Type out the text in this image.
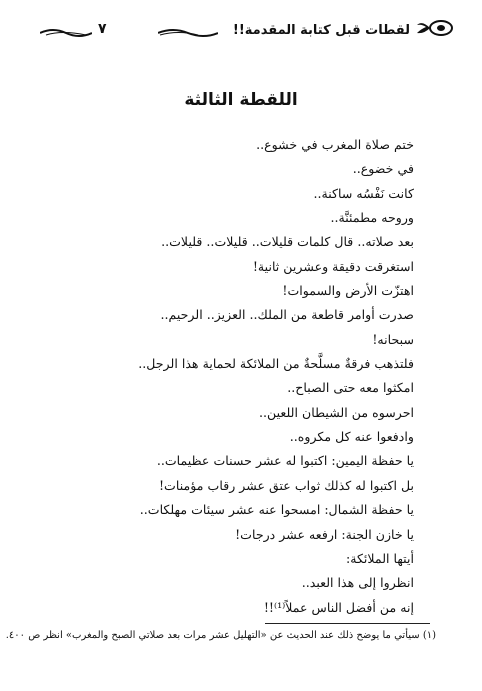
لقطات قبل كتابة المقدمة!!
٧
اللقطة الثالثة
ختم صلاة المغرب في خشوع..
في خضوع..
كانت نَفْسُه ساكنة..
وروحه مطمئنَّة..
بعد صلاته.. قال كلمات قليلات.. قليلات.. قليلات..
استغرقت دقيقة وعشرين ثانية!
اهتزّت الأرض والسموات!
صدرت أوامر قاطعة من الملك.. العزيز.. الرحيم..
سبحانه!
فلتذهب فرقةٌ مسلَّحةٌ من الملائكة لحماية هذا الرجل..
امكثوا معه حتى الصباح..
احرسوه من الشيطان اللعين..
وادفعوا عنه كل مكروه..
يا حفظة اليمين: اكتبوا له عشر حسنات عظيمات..
بل اكتبوا له كذلك ثواب عتق عشر رقاب مؤمنات!
يا حفظة الشمال: امسحوا عنه عشر سيئات مهلكات..
يا خازن الجنة: ارفعه عشر درجات!
أيتها الملائكة:
انظروا إلى هذا العبد..
إنه من أفضل الناس عملاً⁽¹⁾!!
(١) سيأتي ما يوضح ذلك عند الحديث عن «التهليل عشر مرات بعد صلاتي الصبح والمغرب» انظر ص ٤٠٠.
